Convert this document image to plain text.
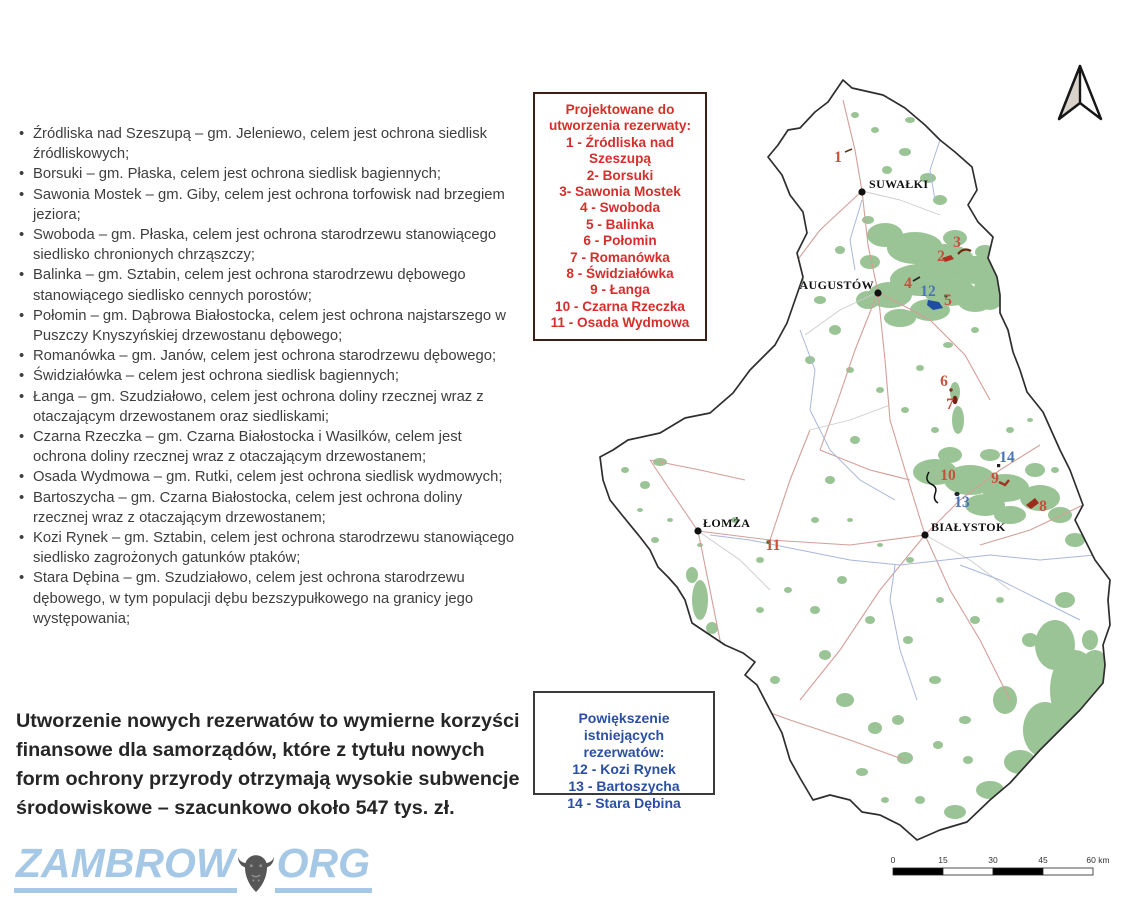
SUWAŁKI
AUGUSTÓW
ŁOMŻA	BIAŁYSTOK
1
2
3
4
5
6
7
8
9
10
11
12
13
14
0	15	30	45	60 km
• Źródliska nad Szeszupą – gm. Jeleniewo, celem jest ochrona siedlisk źródliskowych;
• Borsuki – gm. Płaska, celem jest ochrona siedlisk bagiennych;
• Sawonia Mostek – gm. Giby, celem jest ochrona torfowisk nad brzegiem jeziora;
• Swoboda – gm. Płaska, celem jest ochrona starodrzewu stanowiącego siedlisko chronionych chrząszczy;
• Balinka – gm. Sztabin, celem jest ochrona starodrzewu dębowego stanowiącego siedlisko cennych porostów;
• Połomin – gm. Dąbrowa Białostocka, celem jest ochrona najstarszego w Puszczy Knyszyńskiej drzewostanu dębowego;
• Romanówka – gm. Janów, celem jest ochrona starodrzewu dębowego;
• Świdziałówka – celem jest ochrona siedlisk bagiennych;
• Łanga – gm. Szudziałowo, celem jest ochrona doliny rzecznej wraz z otaczającym drzewostanem oraz siedliskami;
• Czarna Rzeczka – gm. Czarna Białostocka i Wasilków, celem jest ochrona doliny rzecznej wraz z otaczającym drzewostanem;
• Osada Wydmowa – gm. Rutki, celem jest ochrona siedlisk wydmowych;
• Bartoszycha – gm. Czarna Białostocka, celem jest ochrona doliny rzecznej wraz z otaczającym drzewostanem;
• Kozi Rynek – gm. Sztabin, celem jest ochrona starodrzewu stanowiącego siedlisko zagrożonych gatunków ptaków;
• Stara Dębina – gm. Szudziałowo, celem jest ochrona starodrzewu dębowego, w tym populacji dębu bezszypułkowego na granicy jego występowania;
Utworzenie nowych rezerwatów to wymierne korzyści finansowe dla samorządów, które z tytułu nowych form ochrony przyrody otrzymają wysokie subwencje środowiskowe – szacunkowo około 547 tys. zł.
ZAMBROW ORG
Projektowane do
utworzenia rezerwaty:
1 - Źródliska nad Szeszupą
2- Borsuki
3- Sawonia Mostek
4 - Swoboda
5 - Balinka
6 - Połomin
7 - Romanówka
8 - Świdziałówka
9 - Łanga
10 - Czarna Rzeczka
11 - Osada Wydmowa
Powiększenie istniejących
rezerwatów:
12 - Kozi Rynek
13 - Bartoszycha
14 - Stara Dębina
